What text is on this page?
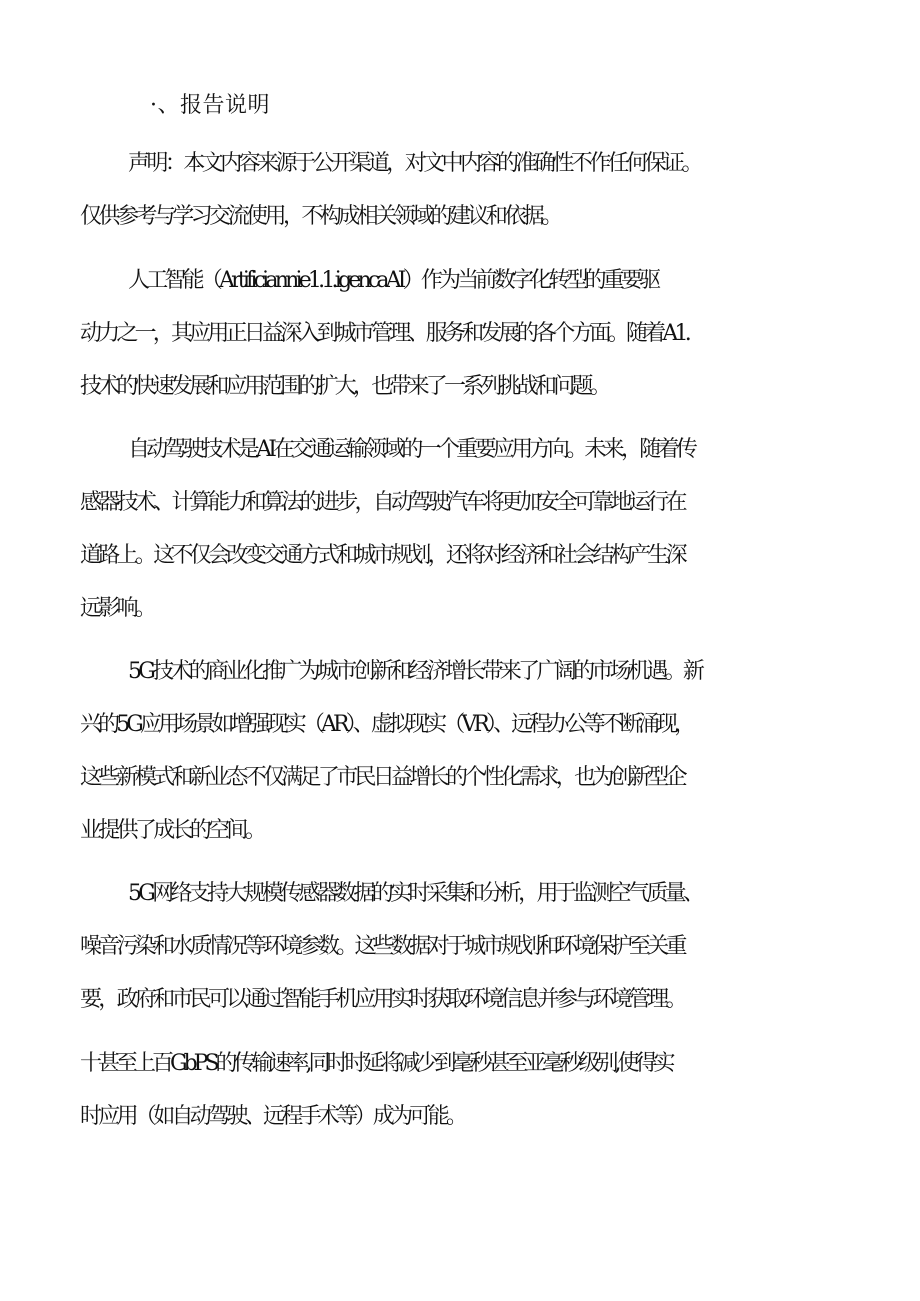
·、报告说明
声明：本文内容来源于公开渠道，对文中内容的准确性不作任何保证。
仅供参考与学习交流使用，不构成相关领域的建议和依据。
人工智能（Artificiannie1.1.igencaAI）作为当前数字化转型的重要驱
动力之一，其应用正日益深入到城市管理、服务和发展的各个方面。随着A1.
技术的快速发展和应用范围的扩大，也带来了一系列挑战和问题。
自动驾驶技术是AI在交通运输领域的一个重要应用方向。未来，随着传
感器技术、计算能力和算法的进步，自动驾驶汽车将更加安全可靠地运行在
道路上。这不仅会改变交通方式和城市规划，还将对经济和社会结构产生深
远影响。
5G技术的商业化推广为城市创新和经济增长带来了广阔的市场机遇。新
兴的5G应用场景如增强现实（AR）、虚拟现实（VR）、远程办公等不断涌现，
这些新模式和新业态不仅满足了市民日益增长的个性化需求，也为创新型企
业提供了成长的空间。
5G网络支持大规模传感器数据的实时采集和分析，用于监测空气质量、
噪音污染和水质情况等环境参数。这些数据对于城市规划和环境保护至关重
要，政府和市民可以通过智能手机应用实时获取环境信息并参与环境管理。
十甚至上百GbPS的传输速率,同时时延将减少到毫秒甚至亚毫秒级别,使得实
时应用（如自动驾驶、远程手术等）成为可能。
